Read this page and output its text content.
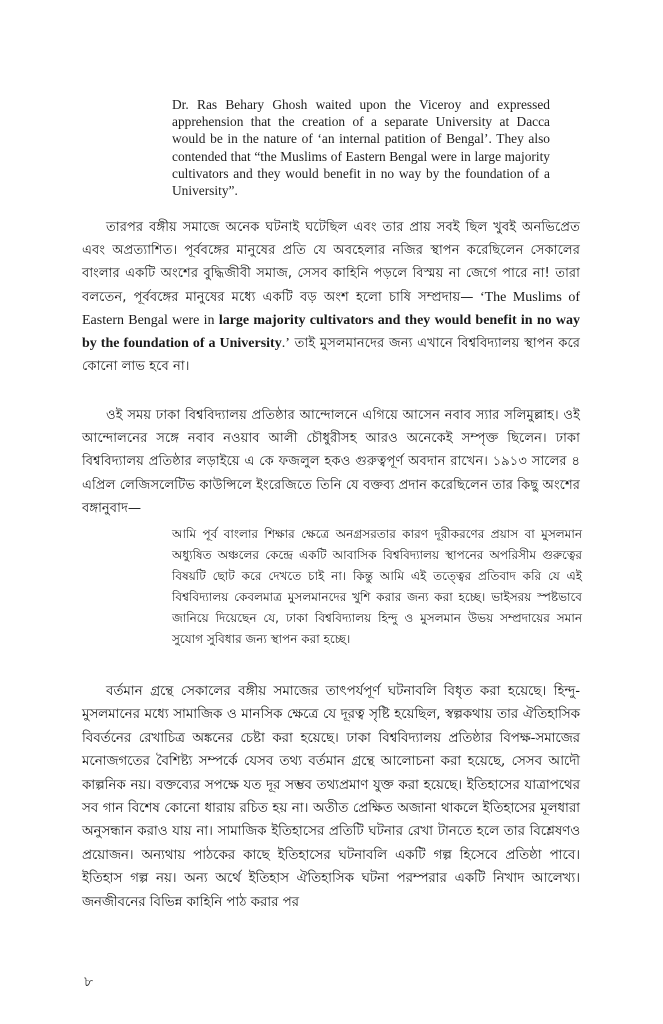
Dr. Ras Behary Ghosh waited upon the Viceroy and expressed apprehension that the creation of a separate University at Dacca would be in the nature of ‘an internal patition of Bengal’. They also contended that “the Muslims of Eastern Bengal were in large majority cultivators and they would benefit in no way by the foundation of a University”.
তারপর বঙ্গীয় সমাজে অনেক ঘটনাই ঘটেছিল এবং তার প্রায় সবই ছিল খুবই অনভিপ্রেত এবং অপ্রত্যাশিত। পূর্ববঙ্গের মানুষের প্রতি যে অবহেলার নজির স্থাপন করেছিলেন সেকালের বাংলার একটি অংশের বুদ্ধিজীবী সমাজ, সেসব কাহিনি পড়লে বিস্ময় না জেগে পারে না! তারা বলতেন, পূর্ববঙ্গের মানুষের মধ্যে একটি বড় অংশ হলো চাষি সম্প্রদায়— ‘The Muslims of Eastern Bengal were in large majority cultivators and they would benefit in no way by the foundation of a University.’ তাই মুসলমানদের জন্য এখানে বিশ্ববিদ্যালয় স্থাপন করে কোনো লাভ হবে না।
ওই সময় ঢাকা বিশ্ববিদ্যালয় প্রতিষ্ঠার আন্দোলনে এগিয়ে আসেন নবাব স্যার সলিমুল্লাহ। ওই আন্দোলনের সঙ্গে নবাব নওয়াব আলী চৌধুরীসহ আরও অনেকেই সম্পৃক্ত ছিলেন। ঢাকা বিশ্ববিদ্যালয় প্রতিষ্ঠার লড়াইয়ে এ কে ফজলুল হকও গুরুত্বপূর্ণ অবদান রাখেন। ১৯১৩ সালের ৪ এপ্রিল লেজিসলেটিভ কাউন্সিলে ইংরেজিতে তিনি যে বক্তব্য প্রদান করেছিলেন তার কিছু অংশের বঙ্গানুবাদ—
আমি পূর্ব বাংলার শিক্ষার ক্ষেত্রে অনগ্রসরতার কারণ দূরীকরণের প্রয়াস বা মুসলমান অধ্যুষিত অঞ্চলের কেন্দ্রে একটি আবাসিক বিশ্ববিদ্যালয় স্থাপনের অপরিসীম গুরুত্বের বিষয়টি ছোট করে দেখতে চাই না। কিন্তু আমি এই তত্ত্বের প্রতিবাদ করি যে এই বিশ্ববিদ্যালয় কেবলমাত্র মুসলমানদের খুশি করার জন্য করা হচ্ছে। ভাইসরয় স্পষ্টভাবে জানিয়ে দিয়েছেন যে, ঢাকা বিশ্ববিদ্যালয় হিন্দু ও মুসলমান উভয় সম্প্রদায়ের সমান সুযোগ সুবিধার জন্য স্থাপন করা হচ্ছে।
বর্তমান গ্রন্থে সেকালের বঙ্গীয় সমাজের তাৎপর্যপূর্ণ ঘটনাবলি বিধৃত করা হয়েছে। হিন্দু-মুসলমানের মধ্যে সামাজিক ও মানসিক ক্ষেত্রে যে দূরত্ব সৃষ্টি হয়েছিল, স্বল্পকথায় তার ঐতিহাসিক বিবর্তনের রেখাচিত্র অঙ্কনের চেষ্টা করা হয়েছে। ঢাকা বিশ্ববিদ্যালয় প্রতিষ্ঠার বিপক্ষ-সমাজের মনোজগতের বৈশিষ্ট্য সম্পর্কে যেসব তথ্য বর্তমান গ্রন্থে আলোচনা করা হয়েছে, সেসব আদৌ কাল্পনিক নয়। বক্তব্যের সপক্ষে যত দূর সম্ভব তথ্যপ্রমাণ যুক্ত করা হয়েছে। ইতিহাসের যাত্রাপথের সব গান বিশেষ কোনো ধারায় রচিত হয় না। অতীত প্রেক্ষিত অজানা থাকলে ইতিহাসের মূলধারা অনুসন্ধান করাও যায় না। সামাজিক ইতিহাসের প্রতিটি ঘটনার রেখা টানতে হলে তার বিশ্লেষণও প্রয়োজন। অন্যথায় পাঠকের কাছে ইতিহাসের ঘটনাবলি একটি গল্প হিসেবে প্রতিষ্ঠা পাবে। ইতিহাস গল্প নয়। অন্য অর্থে ইতিহাস ঐতিহাসিক ঘটনা পরম্পরার একটি নিখাদ আলেখ্য। জনজীবনের বিভিন্ন কাহিনি পাঠ করার পর
৮
